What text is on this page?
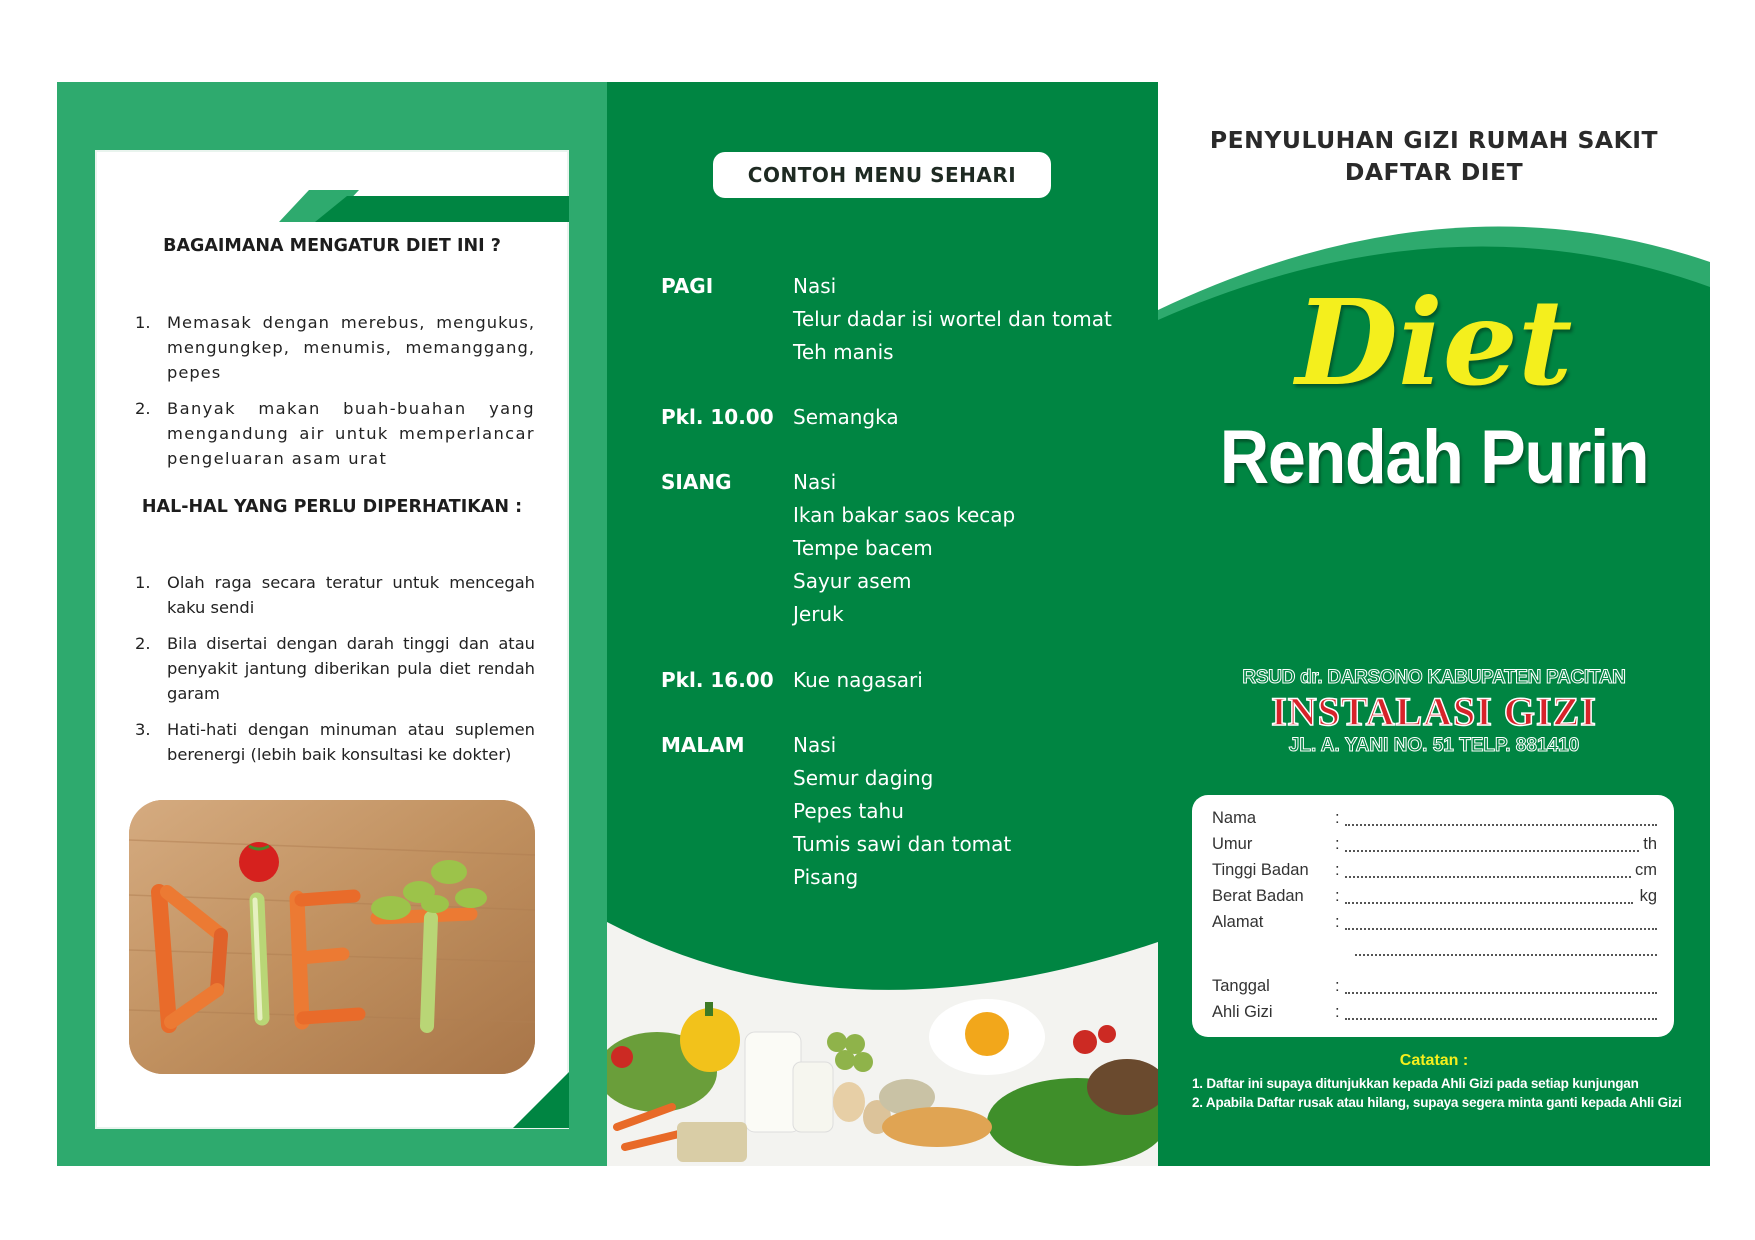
BAGAIMANA MENGATUR DIET INI ?
1.	Memasak dengan merebus, mengukus, mengungkep, menumis, memanggang, pepes
2.	Banyak makan buah-buahan yang mengandung air untuk memperlancar pengeluaran asam urat
HAL-HAL YANG PERLU DIPERHATIKAN :
1.	Olah raga secara teratur untuk mencegah kaku sendi
2.	Bila disertai dengan darah tinggi dan atau penyakit jantung diberikan pula diet rendah garam
3.	Hati-hati dengan minuman atau suplemen berenergi (lebih baik konsultasi ke dokter)
CONTOH MENU SEHARI
PAGI	Nasi
Telur dadar isi wortel dan tomat
Teh manis
Pkl. 10.00 Semangka
SIANG	Nasi
Ikan bakar saos kecap
Tempe bacem
Sayur asem
Jeruk
Pkl. 16.00 Kue nagasari
MALAM Nasi
Semur daging
Pepes tahu
Tumis sawi dan tomat
Pisang
PENYULUHAN GIZI RUMAH SAKIT
DAFTAR DIET
Diet
Rendah Purin
RSUD dr. DARSONO KABUPATEN PACITAN
INSTALASI GIZI
JL. A. YANI NO. 51 TELP. 881410
Nama	:
Umur	:	th
Tinggi Badan :	cm
Berat Badan :	kg
Alamat	:
Tanggal	:
Ahli Gizi	:
Catatan :
1. Daftar ini supaya ditunjukkan kepada Ahli Gizi pada setiap kunjungan
2. Apabila Daftar rusak atau hilang, supaya segera minta ganti kepada Ahli Gizi
